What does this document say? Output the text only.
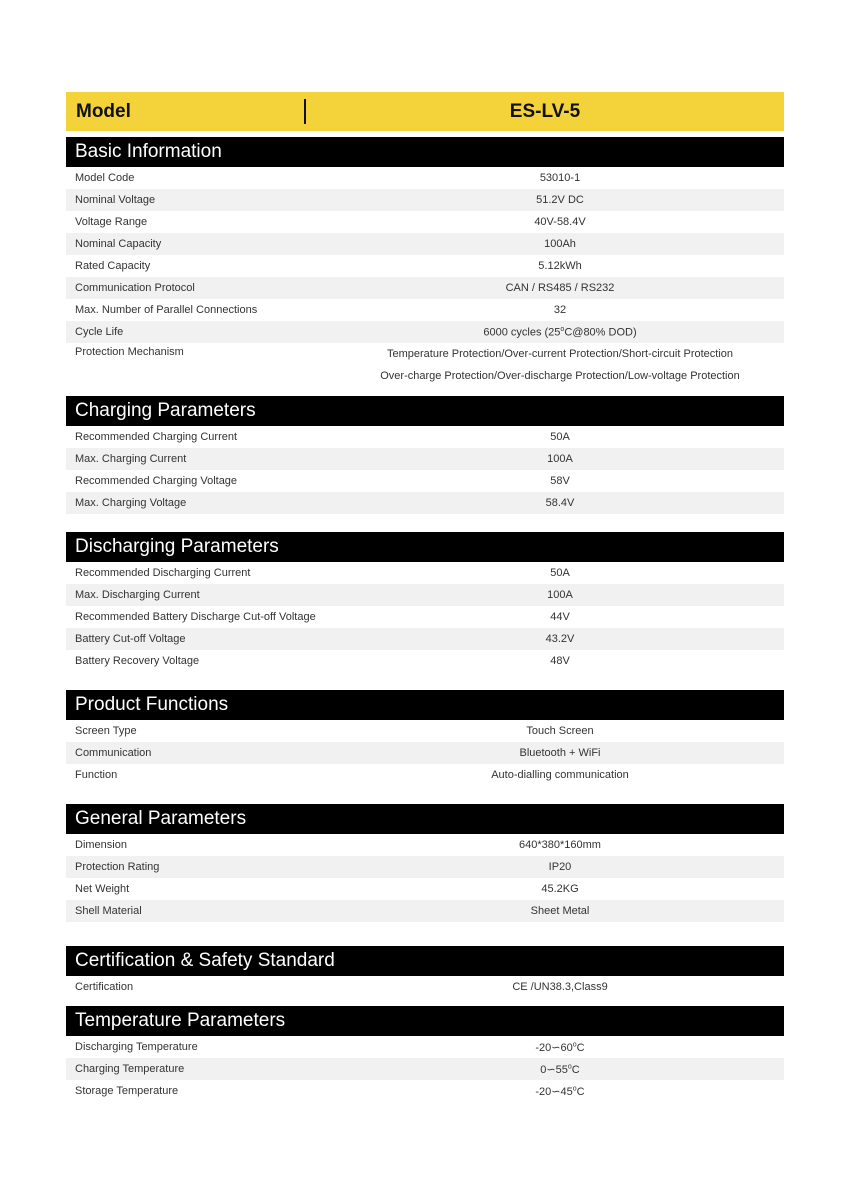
Model	ES-LV-5
Basic Information
Model Code	53010-1
Nominal Voltage	51.2V DC
Voltage Range	40V-58.4V
Nominal Capacity	100Ah
Rated Capacity	5.12kWh
Communication Protocol	CAN / RS485 / RS232
Max. Number of Parallel Connections	32
Cycle Life	6000 cycles (25$^o$C@80% DOD)
Protection Mechanism	Temperature Protection/Over-current Protection/Short-circuit Protection
Over-charge Protection/Over-discharge Protection/Low-voltage Protection
Charging Parameters
Recommended Charging Current	50A
Max. Charging Current	100A
Recommended Charging Voltage	58V
Max. Charging Voltage	58.4V
Discharging Parameters
Recommended Discharging Current	50A
Max. Discharging Current	100A
Recommended Battery Discharge Cut-off Voltage	44V
Battery Cut-off Voltage	43.2V
Battery Recovery Voltage	48V
Product Functions
Screen Type	Touch Screen
Communication	Bluetooth + WiFi
Function	Auto-dialling communication
General Parameters
Dimension	640*380*160mm
Protection Rating	IP20
Net Weight	45.2KG
Shell Material	Sheet Metal
Certification & Safety Standard
Certification	CE /UN38.3,Class9
Temperature Parameters
Discharging Temperature	-20∽60$^o$C
Charging Temperature	0∽55$^o$C
Storage Temperature	-20∽45$^o$C
